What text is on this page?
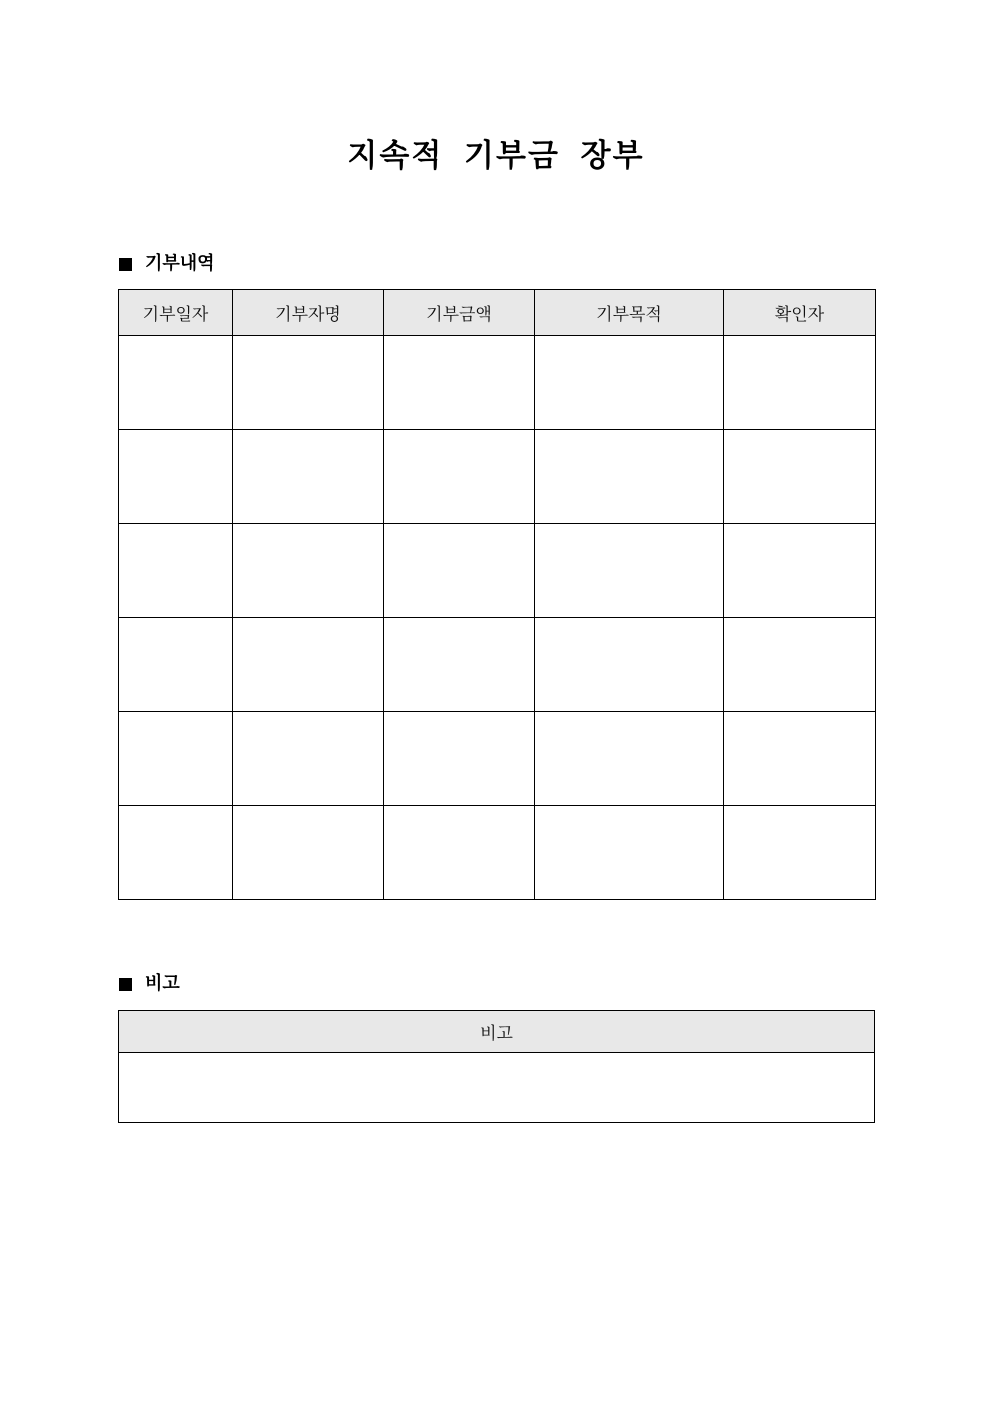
지속적 기부금 장부
기부내역
기부일자	기부자명	기부금액	기부목적	확인자

비고
비고
